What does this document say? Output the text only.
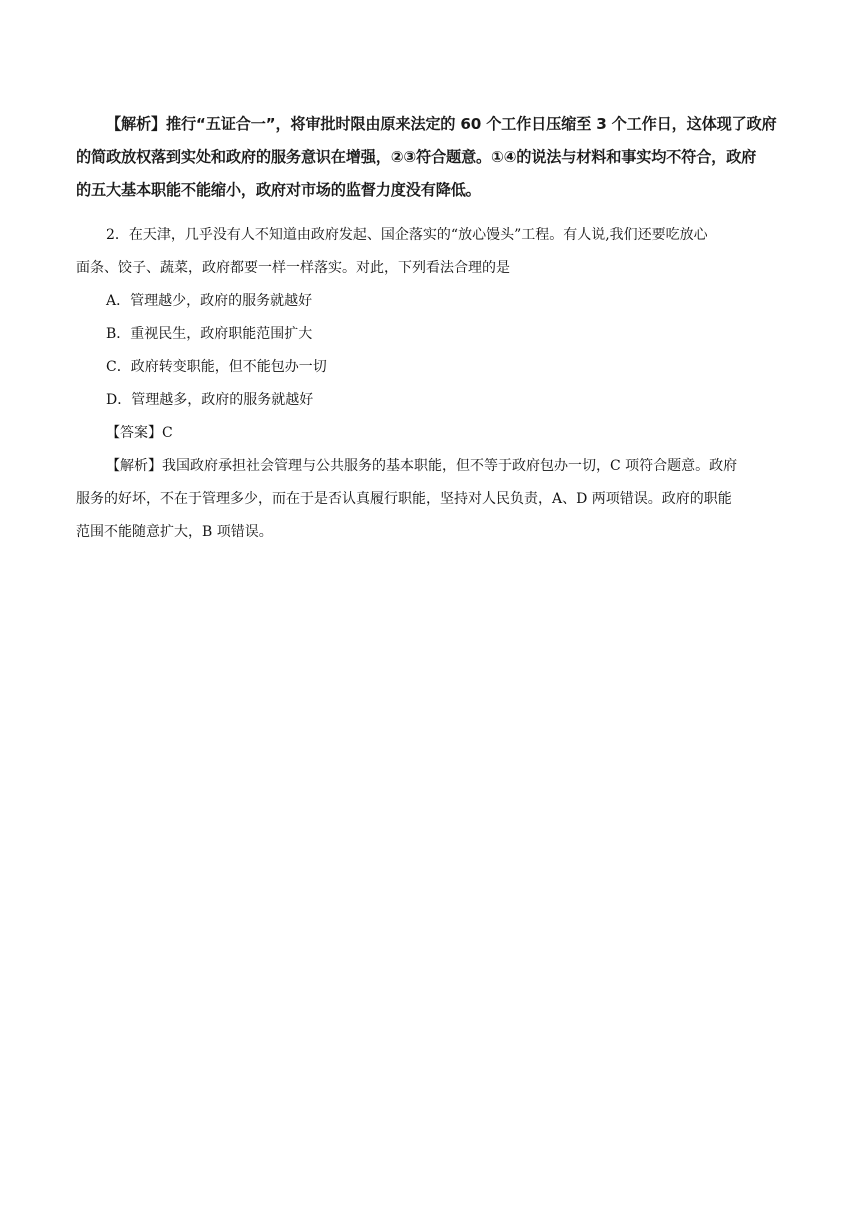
【解析】推行“五证合一”，将审批时限由原来法定的 60 个工作日压缩至 3 个工作日，这体现了政府
的简政放权落到实处和政府的服务意识在增强，②③符合题意。①④的说法与材料和事实均不符合，政府
的五大基本职能不能缩小，政府对市场的监督力度没有降低。
2．在天津，几乎没有人不知道由政府发起、国企落实的“放心馒头”工程。有人说,我们还要吃放心
面条、饺子、蔬菜，政府都要一样一样落实。对此，下列看法合理的是
A．管理越少，政府的服务就越好
B．重视民生，政府职能范围扩大
C．政府转变职能，但不能包办一切
D．管理越多，政府的服务就越好
【答案】C
【解析】我国政府承担社会管理与公共服务的基本职能，但不等于政府包办一切，C 项符合题意。政府
服务的好坏，不在于管理多少，而在于是否认真履行职能，坚持对人民负责，A、D 两项错误。政府的职能
范围不能随意扩大，B 项错误。
